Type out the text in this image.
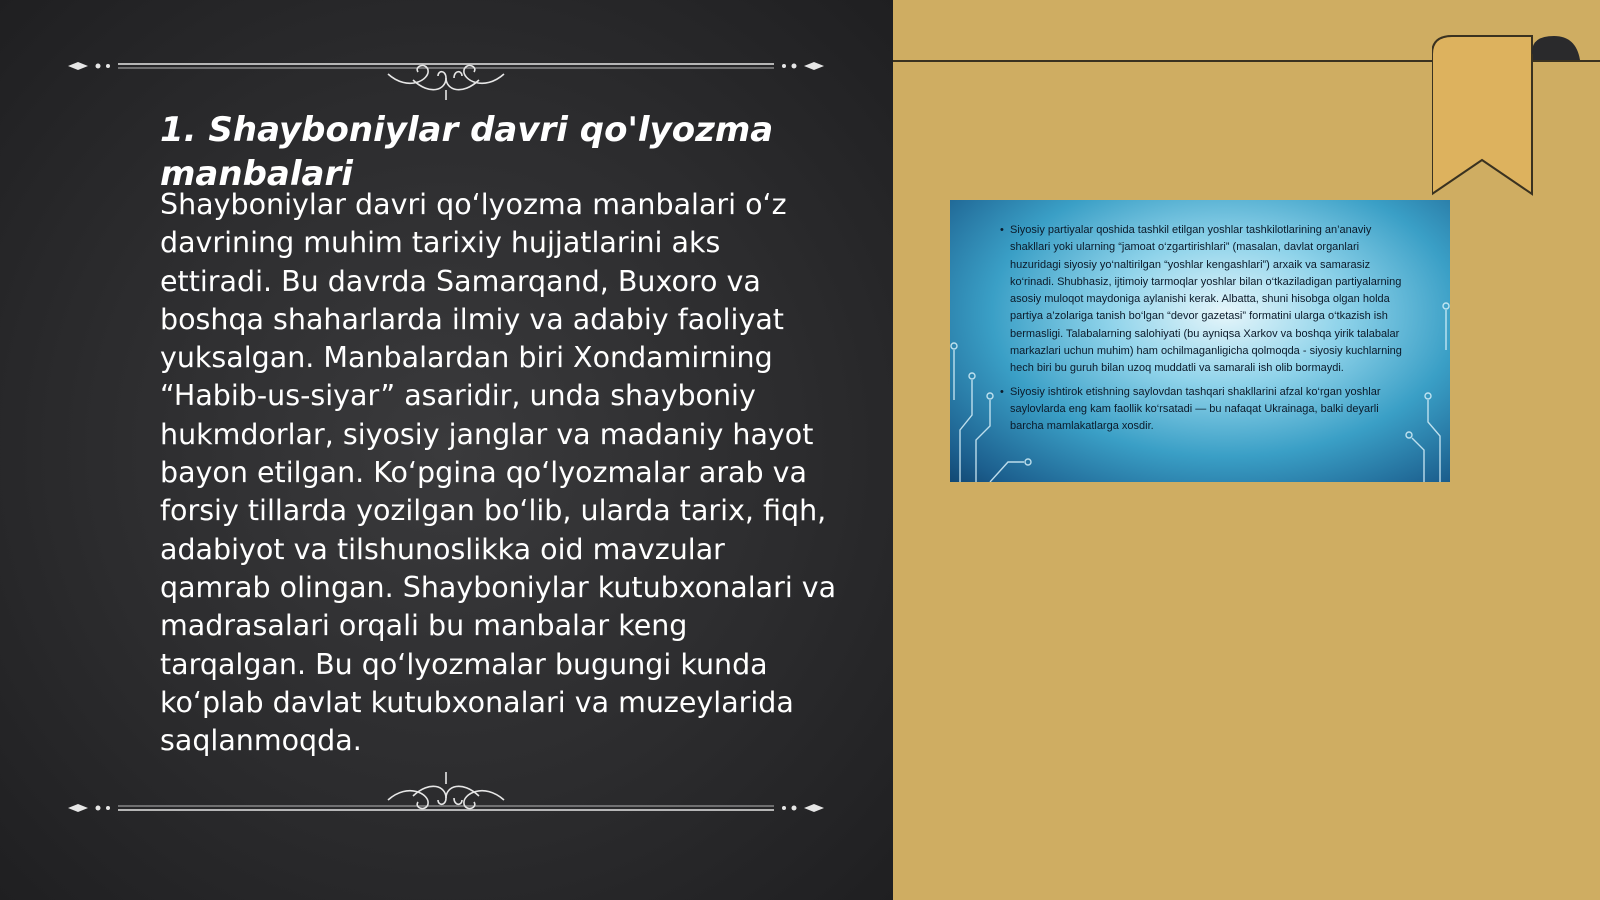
1. Shayboniylar davri qo'lyozma manbalari

Shayboniylar davri qo‘lyozma manbalari o‘z davrining muhim tarixiy hujjatlarini aks ettiradi. Bu davrda Samarqand, Buxoro va boshqa shaharlarda ilmiy va adabiy faoliyat yuksalgan. Manbalardan biri Xondamirning “Habib-us-siyar” asaridir, unda shayboniy hukmdorlar, siyosiy janglar va madaniy hayot bayon etilgan. Ko‘pgina qo‘lyozmalar arab va forsiy tillarda yozilgan bo‘lib, ularda tarix, fiqh, adabiyot va tilshunoslikka oid mavzular qamrab olingan. Shayboniylar kutubxonalari va madrasalari orqali bu manbalar keng tarqalgan. Bu qo‘lyozmalar bugungi kunda ko‘plab davlat kutubxonalari va muzeylarida saqlanmoqda.

• Siyosiy partiyalar qoshida tashkil etilgan yoshlar tashkilotlarining an’anaviy shakllari yoki ularning “jamoat o‘zgartirishlari” (masalan, davlat organlari huzuridagi siyosiy yo‘naltirilgan “yoshlar kengashlari”) arxaik va samarasiz ko‘rinadi. Shubhasiz, ijtimoiy tarmoqlar yoshlar bilan o‘tkaziladigan partiyalarning asosiy muloqot maydoniga aylanishi kerak. Albatta, shuni hisobga olgan holda partiya a’zolariga tanish bo‘lgan “devor gazetasi” formatini ularga o‘tkazish ish bermasligi. Talabalarning salohiyati (bu ayniqsa Xarkov va boshqa yirik talabalar markazlari uchun muhim) ham ochilmaganligicha qolmoqda - siyosiy kuchlarning hech biri bu guruh bilan uzoq muddatli va samarali ish olib bormaydi.
• Siyosiy ishtirok etishning saylovdan tashqari shakllarini afzal ko‘rgan yoshlar saylovlarda eng kam faollik ko‘rsatadi — bu nafaqat Ukrainaga, balki deyarli barcha mamlakatlarga xosdir.
